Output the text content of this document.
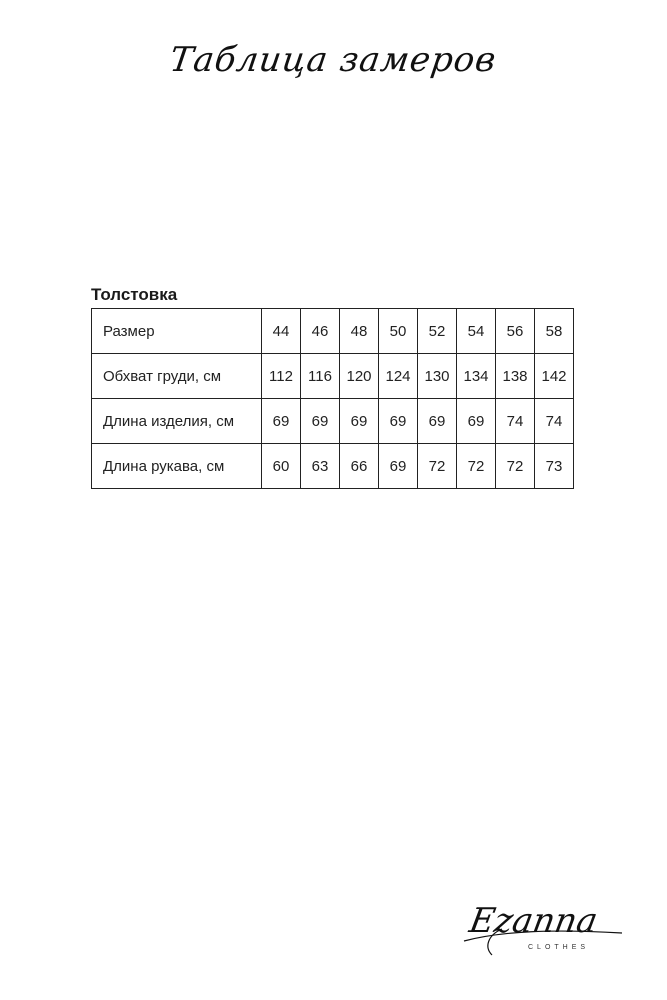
Таблица замеров
Толстовка
Размер	44	46	48	50	52	54	56	58
Обхват груди, см	112	116	120	124	130	134	138	142
Длина изделия, см	69	69	69	69	69	69	74	74
Длина рукава, см	60	63	66	69	72	72	72	73
Ezanna
CLOTHES
